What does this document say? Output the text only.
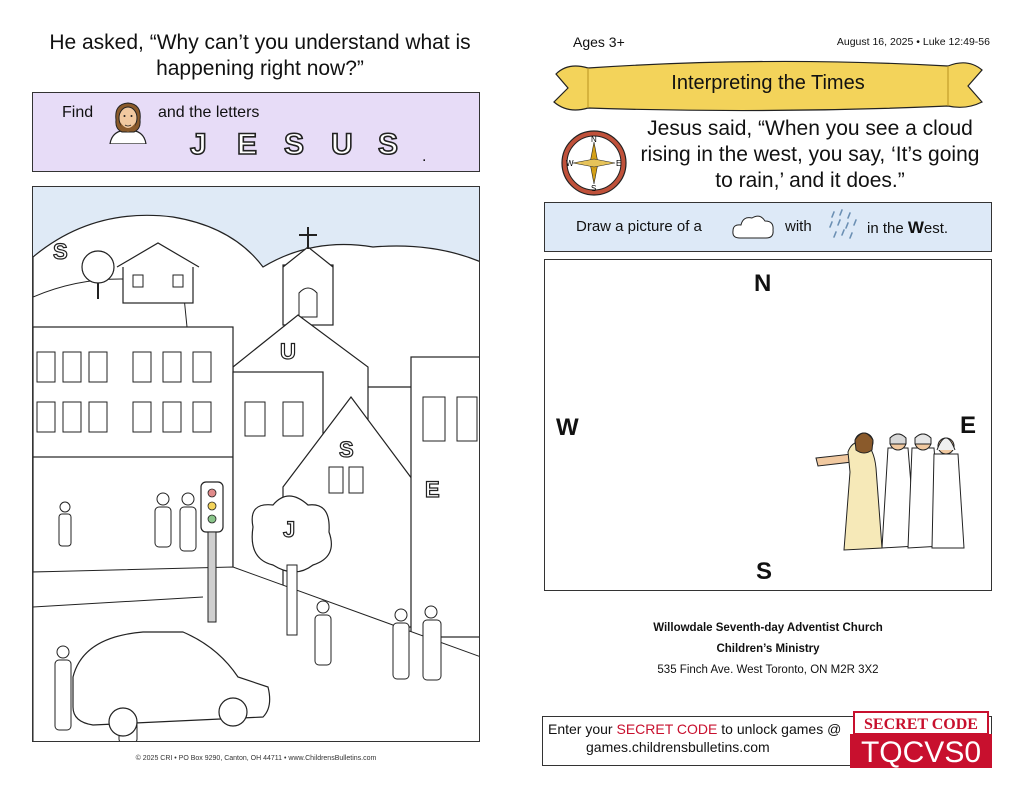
He asked, “Why can’t you understand what is happening right now?”
Find	and the letters
J	E S U S	.
S
U
S
E
J
© 2025 CRI • PO Box 9290, Canton, OH 44711 • www.ChildrensBulletins.com
Ages 3+	August 16, 2025 • Luke 12:49-56
Interpreting the Times
N
S
E
W
Jesus said, “When you see a cloud rising in the west, you say, ‘It’s going to rain,’ and it does.”
Draw a picture of a	with	in the West.
N
S
W	E
Willowdale Seventh-day Adventist Church
Children’s Ministry
535 Finch Ave. West Toronto, ON M2R 3X2
Enter your SECRET CODE to unlock games @
games.childrensbulletins.com
SECRET CODE
TQCVS0
